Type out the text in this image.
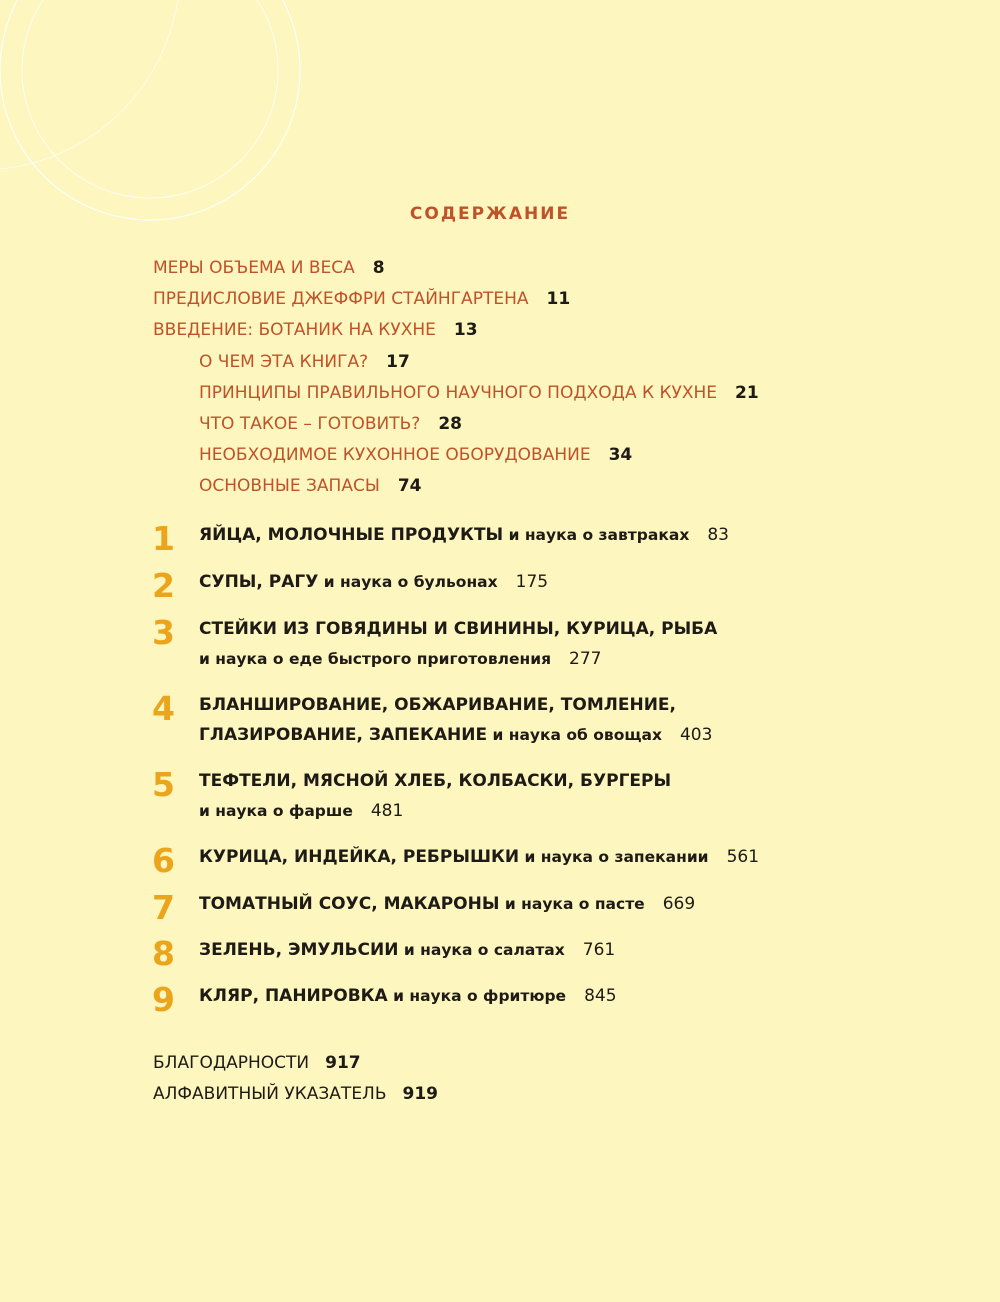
СОДЕРЖАНИЕ
МЕРЫ ОБЪЕМА И ВЕСА 8
ПРЕДИСЛОВИЕ ДЖЕФФРИ СТАЙНГАРТЕНА 11
ВВЕДЕНИЕ: БОТАНИК НА КУХНЕ 13
О ЧЕМ ЭТА КНИГА? 17
ПРИНЦИПЫ ПРАВИЛЬНОГО НАУЧНОГО ПОДХОДА К КУХНЕ 21
ЧТО ТАКОЕ – ГОТОВИТЬ? 28
НЕОБХОДИМОЕ КУХОННОЕ ОБОРУДОВАНИЕ 34
ОСНОВНЫЕ ЗАПАСЫ 74
1 ЯЙЦА, МОЛОЧНЫЕ ПРОДУКТЫ и наука о завтраках 83
2 СУПЫ, РАГУ и наука о бульонах 175
3 СТЕЙКИ ИЗ ГОВЯДИНЫ И СВИНИНЫ, КУРИЦА, РЫБА
и наука о еде быстрого приготовления 277
4 БЛАНШИРОВАНИЕ, ОБЖАРИВАНИЕ, ТОМЛЕНИЕ,
ГЛАЗИРОВАНИЕ, ЗАПЕКАНИЕ и наука об овощах 403
5 ТЕФТЕЛИ, МЯСНОЙ ХЛЕБ, КОЛБАСКИ, БУРГЕРЫ
и наука о фарше 481
6 КУРИЦА, ИНДЕЙКА, РЕБРЫШКИ и наука о запекании 561
7 ТОМАТНЫЙ СОУС, МАКАРОНЫ и наука о пасте 669
8 ЗЕЛЕНЬ, ЭМУЛЬСИИ и наука о салатах 761
9 КЛЯР, ПАНИРОВКА и наука о фритюре 845
БЛАГОДАРНОСТИ 917
АЛФАВИТНЫЙ УКАЗАТЕЛЬ 919
